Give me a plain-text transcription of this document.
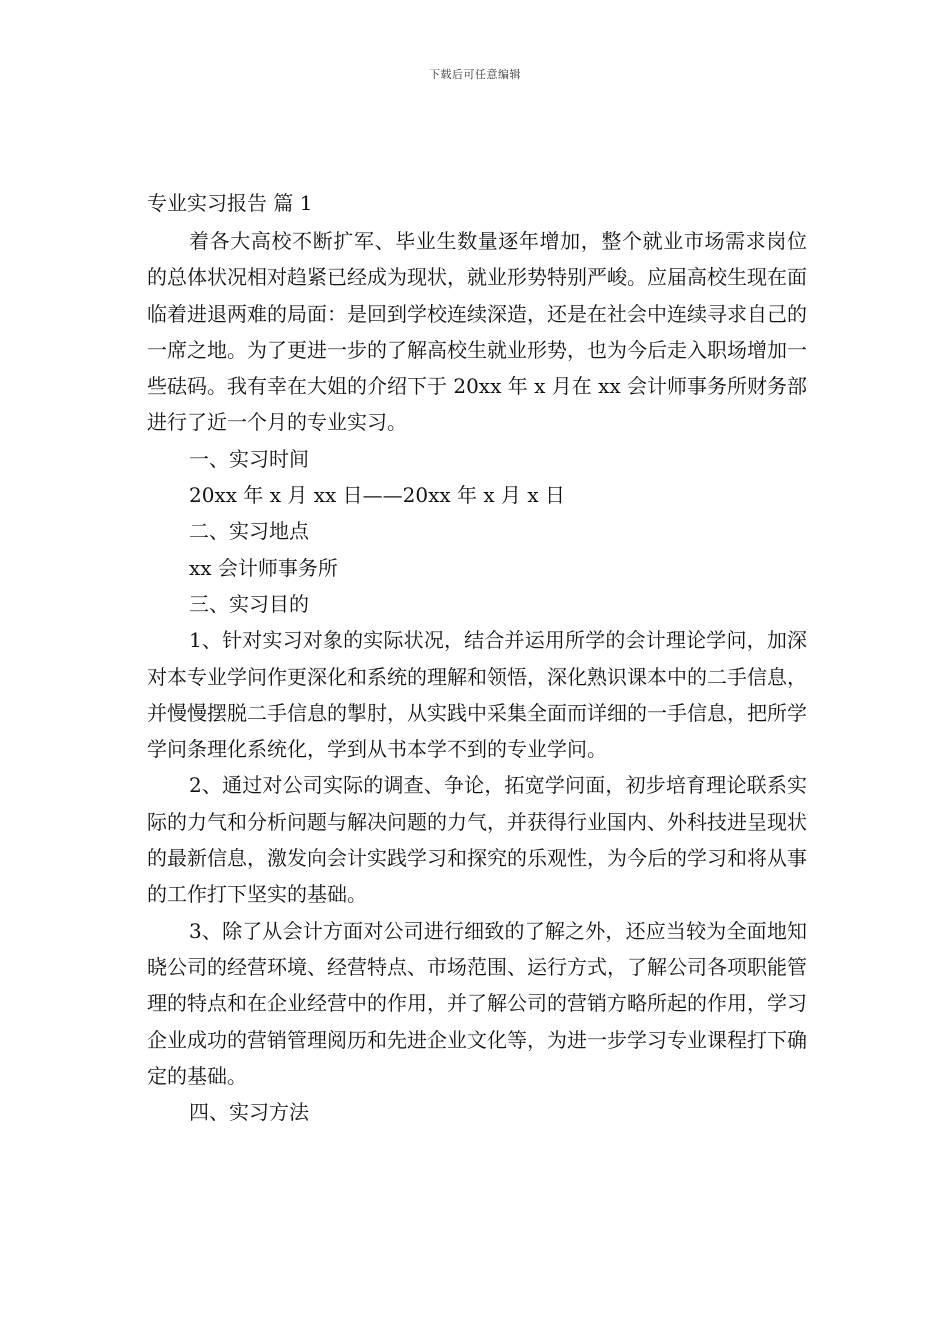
下载后可任意编辑
专业实习报告 篇 1

着各大高校不断扩军、毕业生数量逐年增加，整个就业市场需求岗位的总体状况相对趋紧已经成为现状，就业形势特别严峻。应届高校生现在面临着进退两难的局面：是回到学校连续深造，还是在社会中连续寻求自己的一席之地。为了更进一步的了解高校生就业形势，也为今后走入职场增加一些砝码。我有幸在大姐的介绍下于 20xx 年 x 月在 xx 会计师事务所财务部进行了近一个月的专业实习。

一、实习时间
20xx 年 x 月 xx 日——20xx 年 x 月 x 日
二、实习地点
xx 会计师事务所
三、实习目的

1、针对实习对象的实际状况，结合并运用所学的会计理论学问，加深对本专业学问作更深化和系统的理解和领悟，深化熟识课本中的二手信息，并慢慢摆脱二手信息的掣肘，从实践中采集全面而详细的一手信息，把所学学问条理化系统化，学到从书本学不到的专业学问。

2、通过对公司实际的调查、争论，拓宽学问面，初步培育理论联系实际的力气和分析问题与解决问题的力气，并获得行业国内、外科技进呈现状的最新信息，激发向会计实践学习和探究的乐观性，为今后的学习和将从事的工作打下坚实的基础。

3、除了从会计方面对公司进行细致的了解之外，还应当较为全面地知晓公司的经营环境、经营特点、市场范围、运行方式，了解公司各项职能管理的特点和在企业经营中的作用，并了解公司的营销方略所起的作用，学习企业成功的营销管理阅历和先进企业文化等，为进一步学习专业课程打下确定的基础。

四、实习方法
